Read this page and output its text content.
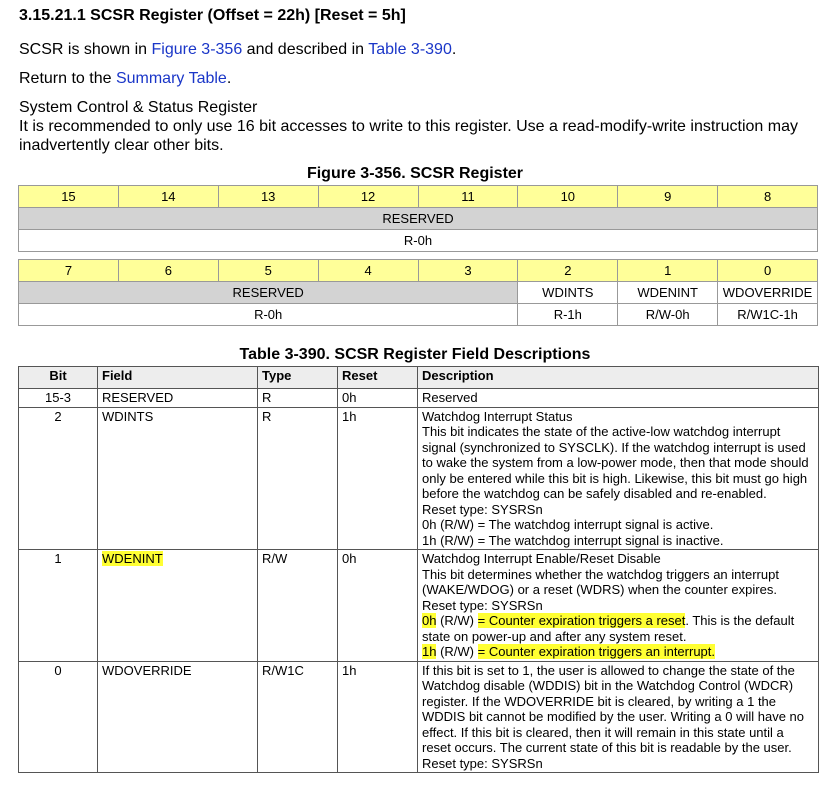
3.15.21.1 SCSR Register (Offset = 22h) [Reset = 5h]

SCSR is shown in Figure 3-356 and described in Table 3-390.

Return to the Summary Table.

System Control & Status Register

It is recommended to only use 16 bit accesses to write to this register. Use a read-modify-write instruction may

inadvertently clear other bits.

Figure 3-356. SCSR Register
15	14	13	12	11	10	9	8
RESERVED
R-0h
7	6	5	4	3	2	1	0
RESERVED					WDINTS	WDENINT	WDOVERRIDE
R-0h					R-1h	R/W-0h	R/W1C-1h
Table 3-390. SCSR Register Field Descriptions
Bit	Field	Type	Reset	Description
15-3	RESERVED	R	0h	Reserved

2	WDINTS	R	1h	Watchdog Interrupt Status
This bit indicates the state of the active-low watchdog interrupt signal (synchronized to SYSCLK). If the watchdog interrupt is used to wake the system from a low-power mode, then that mode should only be entered while this bit is high. Likewise, this bit must go high before the watchdog can be safely disabled and re-enabled.
Reset type: SYSRSn
0h (R/W) = The watchdog interrupt signal is active.
1h (R/W) = The watchdog interrupt signal is inactive.

1	WDENINT	R/W	0h	Watchdog Interrupt Enable/Reset Disable
This bit determines whether the watchdog triggers an interrupt (WAKE/WDOG) or a reset (WDRS) when the counter expires.
Reset type: SYSRSn
0h (R/W) = Counter expiration triggers a reset. This is the default state on power-up and after any system reset.
1h (R/W) = Counter expiration triggers an interrupt.

0	WDOVERRIDE	R/W1C	1h	If this bit is set to 1, the user is allowed to change the state of the Watchdog disable (WDDIS) bit in the Watchdog Control (WDCR) register. If the WDOVERRIDE bit is cleared, by writing a 1 the WDDIS bit cannot be modified by the user. Writing a 0 will have no effect. If this bit is cleared, then it will remain in this state until a reset occurs. The current state of this bit is readable by the user.
Reset type: SYSRSn
